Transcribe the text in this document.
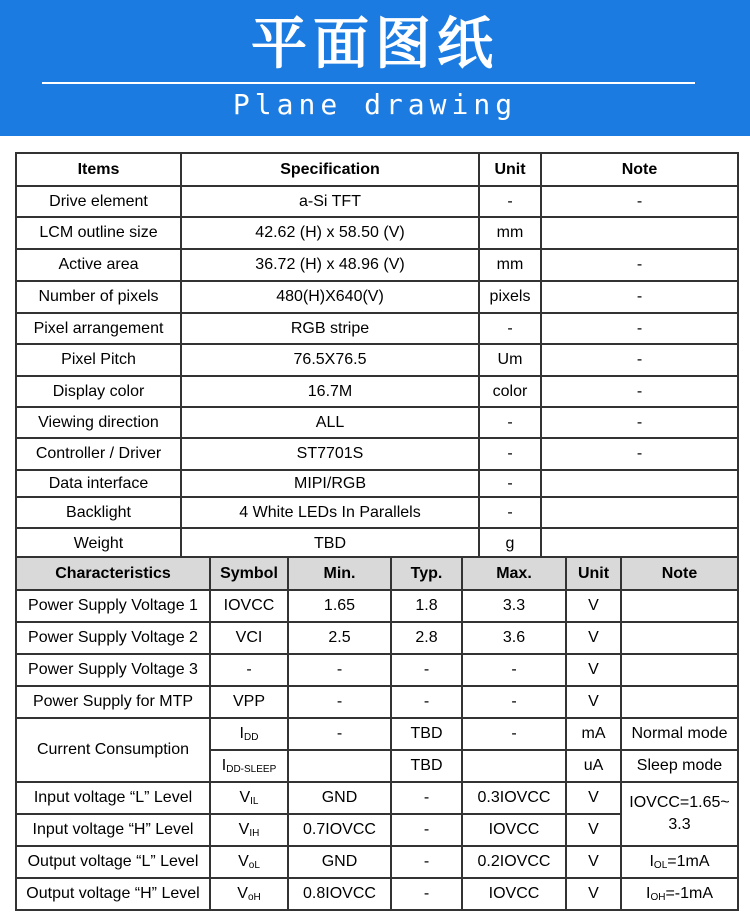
平面图纸
Plane drawing
Items	Specification	Unit	Note
Drive element	a-Si TFT	-	-
LCM outline size	42.62 (H) x 58.50 (V)	mm	
Active area	36.72 (H) x 48.96 (V)	mm	-
Number of pixels	480(H)X640(V)	pixels	-
Pixel arrangement	RGB stripe	-	-
Pixel Pitch	76.5X76.5	Um	-
Display color	16.7M	color	-
Viewing direction	ALL	-	-
Controller / Driver	ST7701S	-	-
Data interface	MIPI/RGB	-	
Backlight	4 White LEDs In Parallels	-	
Weight	TBD	g	
Characteristics	Symbol	Min.	Typ.	Max.	Unit	Note
Power Supply Voltage 1	IOVCC	1.65	1.8	3.3	V	
Power Supply Voltage 2	VCI	2.5	2.8	3.6	V	
Power Supply Voltage 3	-	-	-	-	V	
Power Supply for MTP	VPP	-	-	-	V	
Current Consumption	$I_{DD}$	-	TBD	-	mA	Normal mode
	$I_{DD-SLEEP}$		TBD		uA	Sleep mode
Input voltage “L” Level	$V_{IL}$	GND	-	0.3IOVCC	V	IOVCC=1.65~
3.3
Input voltage “H” Level	$V_{IH}$	0.7IOVCC	-	IOVCC	V	
Output voltage “L” Level	$V_{oL}$	GND	-	0.2IOVCC	V	$I_{OL}=1mA$
Output voltage “H” Level	$V_{oH}$	0.8IOVCC	-	IOVCC	V	$I_{OH}=-1mA$
